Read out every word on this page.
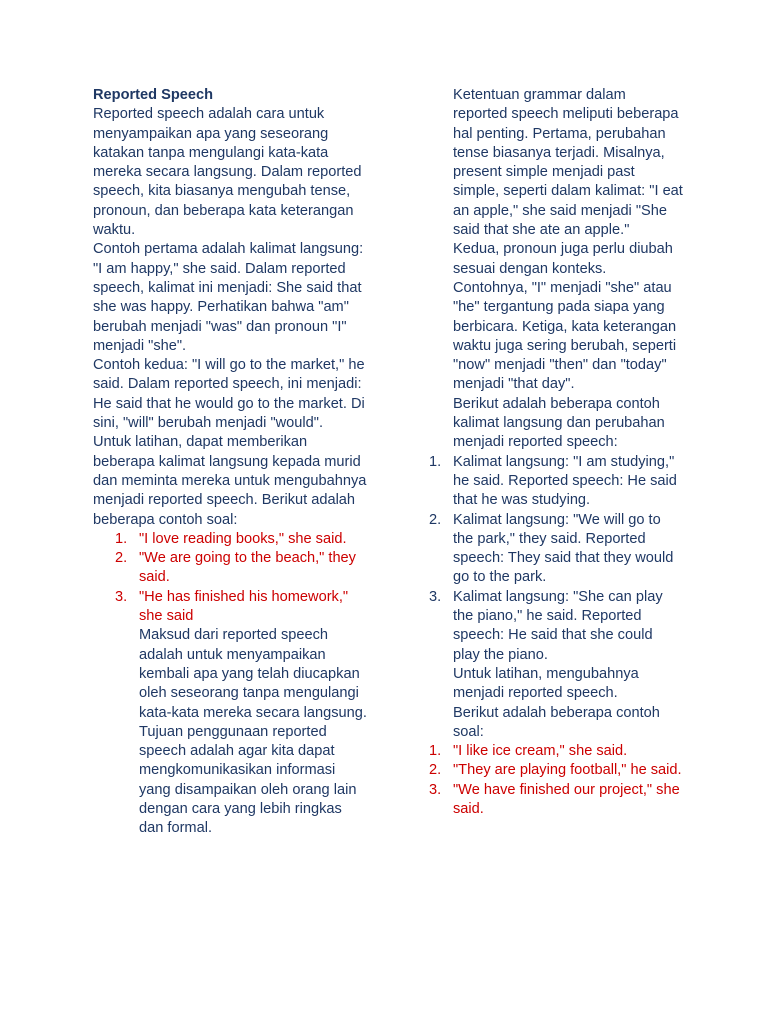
Reported Speech

Reported speech adalah cara untuk menyampaikan apa yang seseorang katakan tanpa mengulangi kata-kata mereka secara langsung. Dalam reported speech, kita biasanya mengubah tense, pronoun, dan beberapa kata keterangan waktu.

Contoh pertama adalah kalimat langsung: "I am happy," she said. Dalam reported speech, kalimat ini menjadi: She said that she was happy. Perhatikan bahwa "am" berubah menjadi "was" dan pronoun "I" menjadi "she".

Contoh kedua: "I will go to the market," he said. Dalam reported speech, ini menjadi: He said that he would go to the market. Di sini, "will" berubah menjadi "would".

Untuk latihan, dapat memberikan beberapa kalimat langsung kepada murid dan meminta mereka untuk mengubahnya menjadi reported speech. Berikut adalah beberapa contoh soal:

1. "I love reading books," she said.
2. "We are going to the beach," they said.
3. "He has finished his homework," she said

Maksud dari reported speech adalah untuk menyampaikan kembali apa yang telah diucapkan oleh seseorang tanpa mengulangi kata-kata mereka secara langsung.

Tujuan penggunaan reported speech adalah agar kita dapat mengkomunikasikan informasi yang disampaikan oleh orang lain dengan cara yang lebih ringkas dan formal.

Ketentuan grammar dalam reported speech meliputi beberapa hal penting. Pertama, perubahan tense biasanya terjadi. Misalnya, present simple menjadi past simple, seperti dalam kalimat: "I eat an apple," she said menjadi "She said that she ate an apple."

Kedua, pronoun juga perlu diubah sesuai dengan konteks. Contohnya, "I" menjadi "she" atau "he" tergantung pada siapa yang berbicara. Ketiga, kata keterangan waktu juga sering berubah, seperti "now" menjadi "then" dan "today" menjadi "that day".

Berikut adalah beberapa contoh kalimat langsung dan perubahan menjadi reported speech:

1. Kalimat langsung: "I am studying," he said. Reported speech: He said that he was studying.
2. Kalimat langsung: "We will go to the park," they said. Reported speech: They said that they would go to the park.
3. Kalimat langsung: "She can play the piano," he said. Reported speech: He said that she could play the piano.

Untuk latihan, mengubahnya menjadi reported speech.

Berikut adalah beberapa contoh soal:

1. "I like ice cream," she said.
2. "They are playing football," he said.
3. "We have finished our project," she said.
